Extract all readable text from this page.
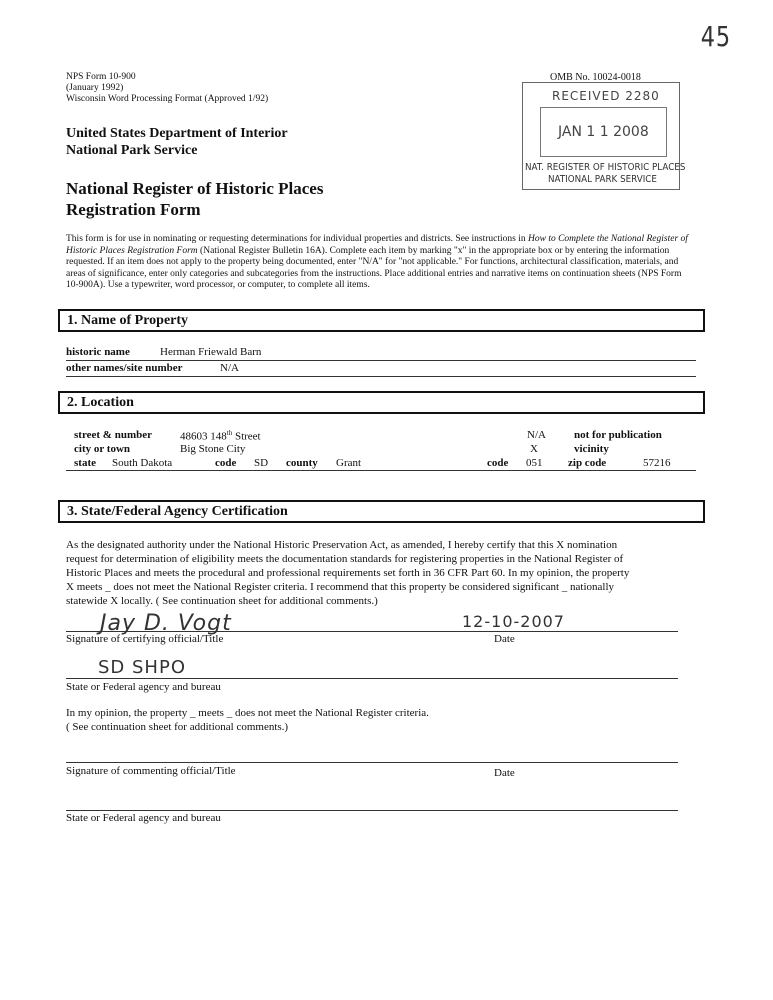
45
NPS Form 10-900
(January 1992)
Wisconsin Word Processing Format (Approved 1/92)
United States Department of Interior
National Park Service
National Register of Historic Places
Registration Form
OMB No. 10024-0018
RECEIVED 2280
JAN 1 1 2008
NAT. REGISTER OF HISTORIC PLACES
NATIONAL PARK SERVICE
This form is for use in nominating or requesting determinations for individual properties and districts. See instructions in How to Complete the National Register of Historic Places Registration Form (National Register Bulletin 16A). Complete each item by marking "x" in the appropriate box or by entering the information requested. If an item does not apply to the property being documented, enter "N/A" for "not applicable." For functions, architectural classification, materials, and areas of significance, enter only categories and subcategories from the instructions. Place additional entries and narrative items on continuation sheets (NPS Form 10-900A). Use a typewriter, word processor, or computer, to complete all items.
1. Name of Property
historic name	Herman Friewald Barn
other names/site number	N/A
2. Location
street & number	48603 148th Street	N/A	not for publication
city or town	Big Stone City	X	vicinity
state South Dakota	code SD county Grant	code 051 zip code	57216
3. State/Federal Agency Certification
As the designated authority under the National Historic Preservation Act, as amended, I hereby certify that this X nomination
request for determination of eligibility meets the documentation standards for registering properties in the National Register of
Historic Places and meets the procedural and professional requirements set forth in 36 CFR Part 60. In my opinion, the property
X meets _ does not meet the National Register criteria. I recommend that this property be considered significant _ nationally
statewide X locally. ( See continuation sheet for additional comments.)
Jay D. Vogt	12-10-2007
Signature of certifying official/Title	Date
SD SHPO
State or Federal agency and bureau
In my opinion, the property _ meets _ does not meet the National Register criteria.
( See continuation sheet for additional comments.)
Signature of commenting official/Title	Date
State or Federal agency and bureau
